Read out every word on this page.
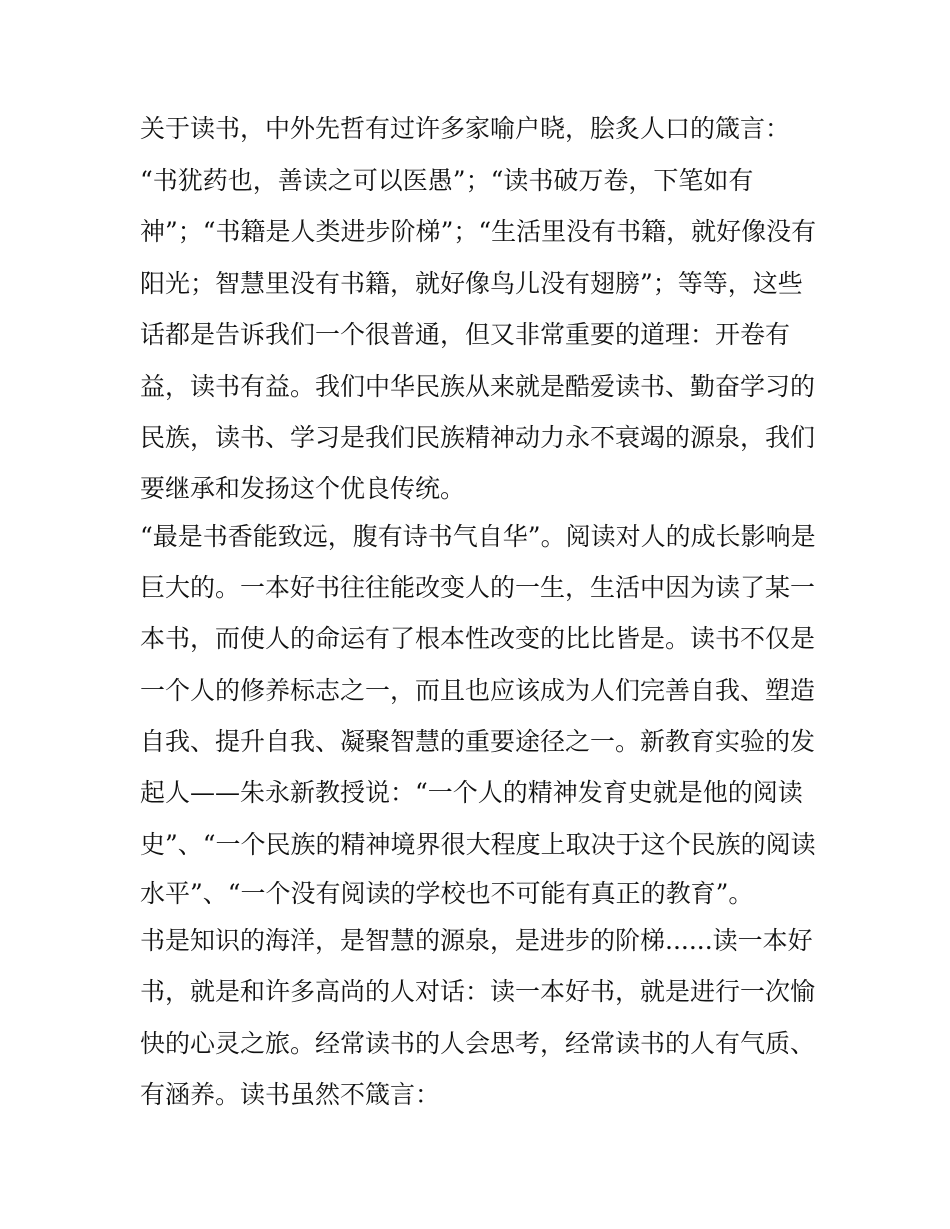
关于读书，中外先哲有过许多家喻户晓，脍炙人口的箴言：
“书犹药也，善读之可以医愚”；“读书破万卷，下笔如有
神”；“书籍是人类进步阶梯”；“生活里没有书籍，就好像没有
阳光；智慧里没有书籍，就好像鸟儿没有翅膀”；等等，这些
话都是告诉我们一个很普通，但又非常重要的道理：开卷有
益，读书有益。我们中华民族从来就是酷爱读书、勤奋学习的
民族，读书、学习是我们民族精神动力永不衰竭的源泉，我们
要继承和发扬这个优良传统。
“最是书香能致远，腹有诗书气自华”。阅读对人的成长影响是
巨大的。一本好书往往能改变人的一生，生活中因为读了某一
本书，而使人的命运有了根本性改变的比比皆是。读书不仅是
一个人的修养标志之一，而且也应该成为人们完善自我、塑造
自我、提升自我、凝聚智慧的重要途径之一。新教育实验的发
起人——朱永新教授说：“一个人的精神发育史就是他的阅读
史”、“一个民族的精神境界很大程度上取决于这个民族的阅读
水平”、“一个没有阅读的学校也不可能有真正的教育”。
书是知识的海洋，是智慧的源泉，是进步的阶梯......读一本好
书，就是和许多高尚的人对话：读一本好书，就是进行一次愉
快的心灵之旅。经常读书的人会思考，经常读书的人有气质、
有涵养。读书虽然不箴言：
